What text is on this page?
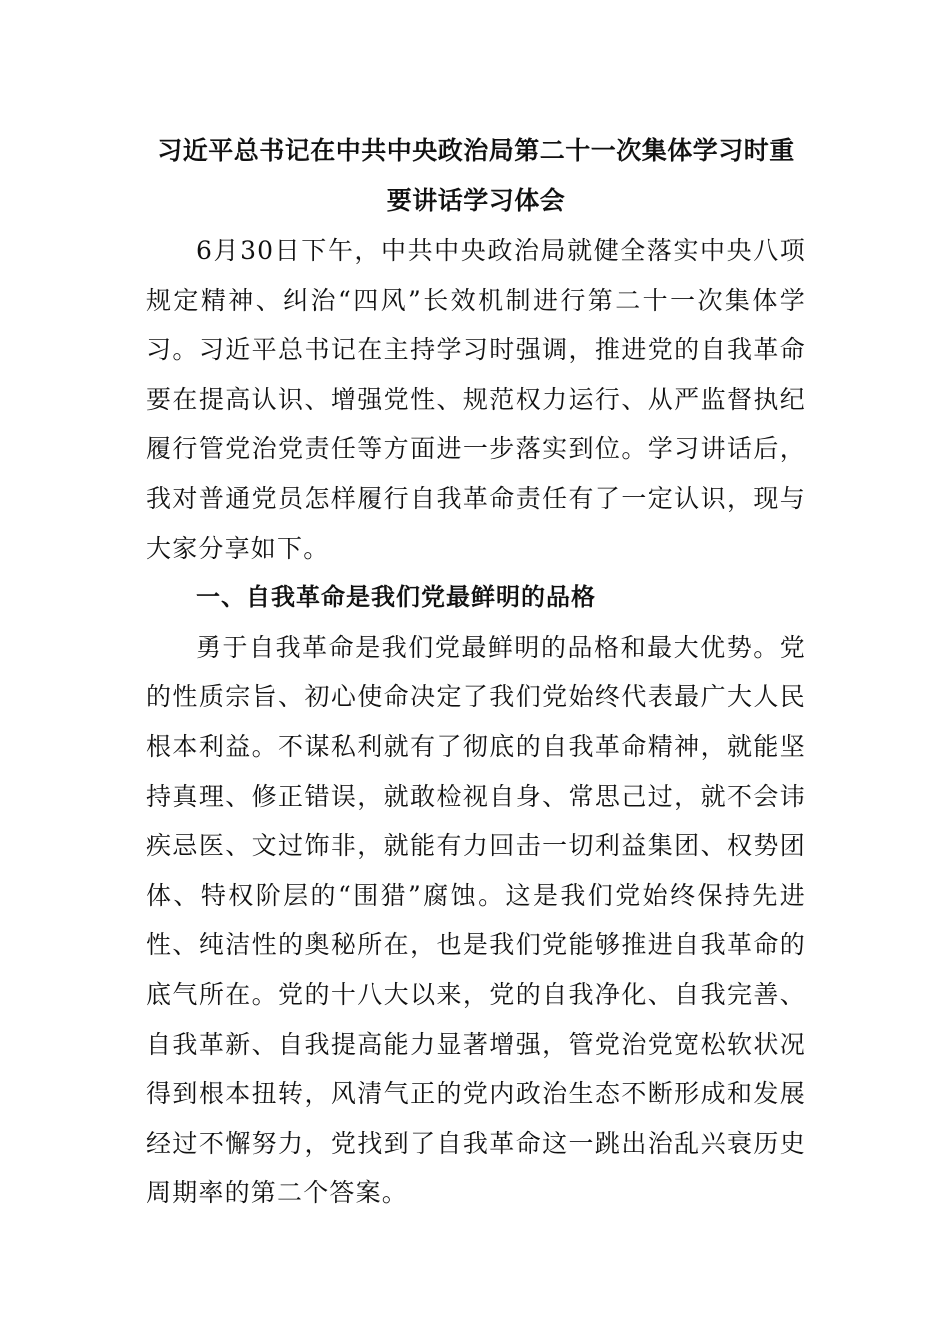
习近平总书记在中共中央政治局第二十一次集体学习时重
要讲话学习体会

6月30日下午，中共中央政治局就健全落实中央八项规定精神、纠治“四风”长效机制进行第二十一次集体学习。习近平总书记在主持学习时强调，推进党的自我革命要在提高认识、增强党性、规范权力运行、从严监督执纪履行管党治党责任等方面进一步落实到位。学习讲话后，我对普通党员怎样履行自我革命责任有了一定认识，现与大家分享如下。

一、自我革命是我们党最鲜明的品格

勇于自我革命是我们党最鲜明的品格和最大优势。党的性质宗旨、初心使命决定了我们党始终代表最广大人民根本利益。不谋私利就有了彻底的自我革命精神，就能坚持真理、修正错误，就敢检视自身、常思己过，就不会讳疾忌医、文过饰非，就能有力回击一切利益集团、权势团体、特权阶层的“围猎”腐蚀。这是我们党始终保持先进性、纯洁性的奥秘所在，也是我们党能够推进自我革命的底气所在。党的十八大以来，党的自我净化、自我完善、自我革新、自我提高能力显著增强，管党治党宽松软状况得到根本扭转，风清气正的党内政治生态不断形成和发展经过不懈努力，党找到了自我革命这一跳出治乱兴衰历史周期率的第二个答案。
